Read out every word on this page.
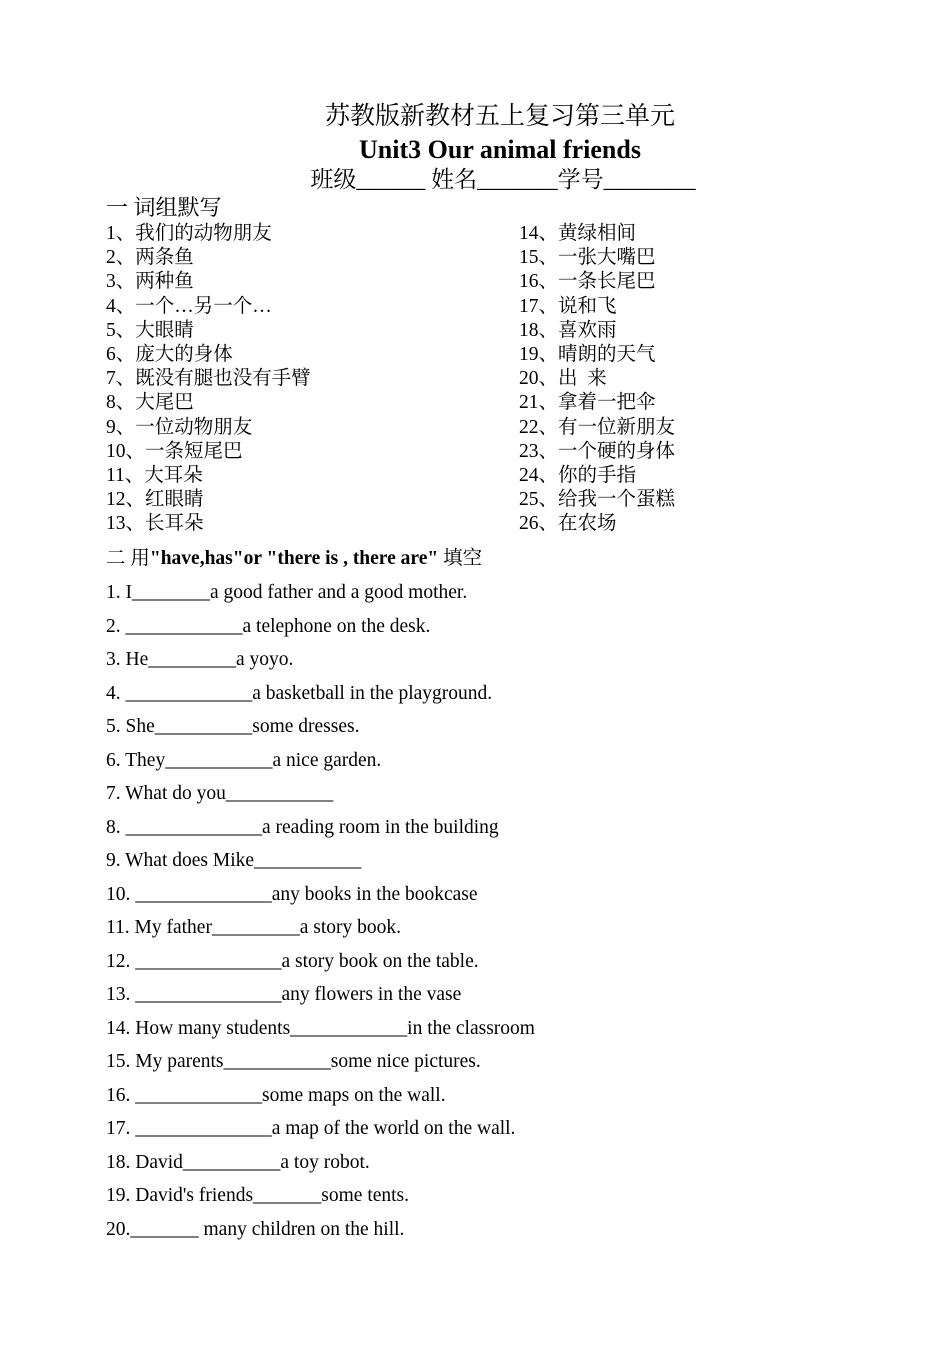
苏教版新教材五上复习第三单元
Unit3 Our animal friends
班级______ 姓名_______学号________
一 词组默写
1、我们的动物朋友
2、两条鱼
3、两种鱼
4、一个…另一个…
5、大眼睛
6、庞大的身体
7、既没有腿也没有手臂
8、大尾巴
9、一位动物朋友
10、一条短尾巴
11、大耳朵
12、红眼睛
13、长耳朵
14、黄绿相间
15、一张大嘴巴
16、一条长尾巴
17、说和飞
18、喜欢雨
19、晴朗的天气
20、出  来
21、拿着一把伞
22、有一位新朋友
23、一个硬的身体
24、你的手指
25、给我一个蛋糕
26、在农场
二 用"have,has"or "there is , there are" 填空
1. I________a good father and a good mother.
2. ____________a telephone on the desk.
3. He_________a yoyo.
4. _____________a basketball in the playground.
5. She__________some dresses.
6. They___________a nice garden.
7. What do you___________
8. ______________a reading room in the building
9. What does Mike___________
10. ______________any books in the bookcase
11. My father_________a story book.
12. _______________a story book on the table.
13. _______________any flowers in the vase
14. How many students____________in the classroom
15. My parents___________some nice pictures.
16. _____________some maps on the wall.
17. ______________a map of the world on the wall.
18. David__________a toy robot.
19. David's friends_______some tents.
20._______ many children on the hill.
